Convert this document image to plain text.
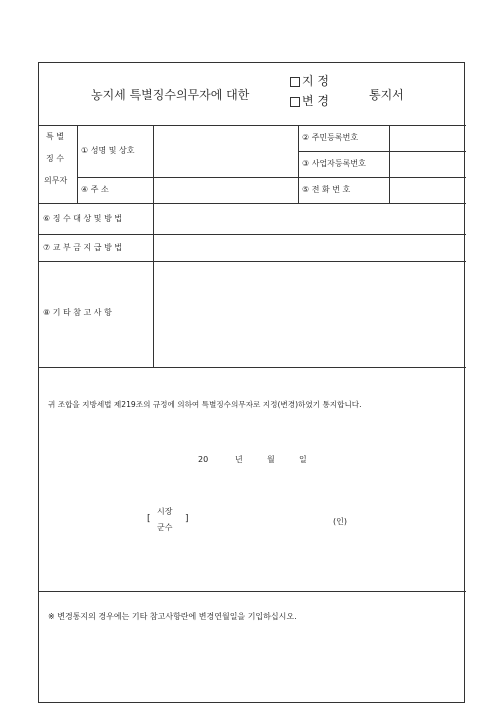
농지세 특별징수의무자에 대한
지 정
변 경	통지서
특 별
징 수
의무자
① 성명 및 상호
② 주민등록번호
③ 사업자등록번호
④ 주 소	⑤ 전 화 번 호
⑥ 징 수 대 상 및 방 법
⑦ 교 부 금 지 급 방 법
⑧ 기 타 참 고 사 항
귀 조합을 지방세법 제219조의 규정에 의하여 특별징수의무자로 지정(변경)하였기 통지합니다.
20	년	월	일
[
시장
군수
]	(인)
※ 변경통지의 경우에는 기타 참고사항란에 변경연월일을 기입하십시오.
